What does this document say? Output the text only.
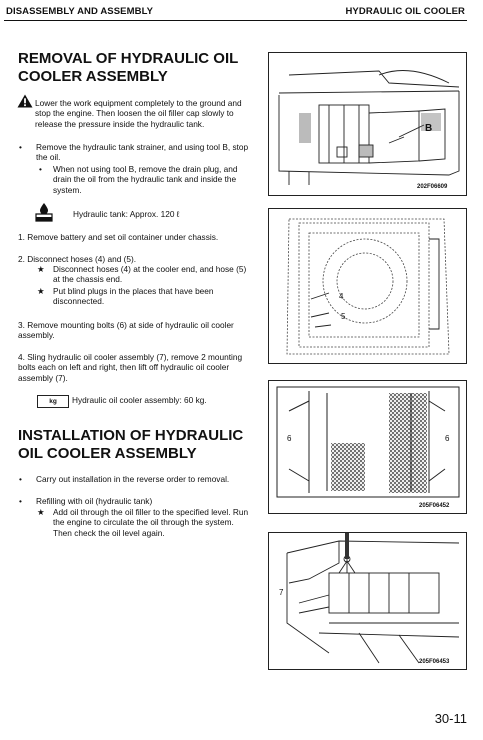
DISASSEMBLY AND ASSEMBLY	HYDRAULIC OIL COOLER
REMOVAL OF HYDRAULIC OIL
COOLER ASSEMBLY
Lower the work equipment completely to the ground and stop the engine. Then loosen the oil filler cap slowly to release the pressure inside the hydraulic tank.
• Remove the hydraulic tank strainer, and using tool B, stop the oil.
• When not using tool B, remove the drain plug, and drain the oil from the hydraulic tank and inside the system.
Hydraulic tank: Approx. 120 ℓ
1. Remove battery and set oil container under chassis.
2. Disconnect hoses (4) and (5).
★ Disconnect hoses (4) at the cooler end, and hose (5) at the chassis end.
★ Put blind plugs in the places that have been disconnected.
3. Remove mounting bolts (6) at side of hydraulic oil cooler assembly.
4. Sling hydraulic oil cooler assembly (7), remove 2 mounting bolts each on left and right, then lift off hydraulic oil cooler assembly (7).
kg	Hydraulic oil cooler assembly: 60 kg.
INSTALLATION OF HYDRAULIC
OIL COOLER ASSEMBLY
• Carry out installation in the reverse order to removal.
• Refilling with oil (hydraulic tank)
★ Add oil through the oil filler to the specified level. Run the engine to circulate the oil through the system. Then check the oil level again.
B
202F06609
4
5
6	6
205F06452
7
205F06453
30-11
